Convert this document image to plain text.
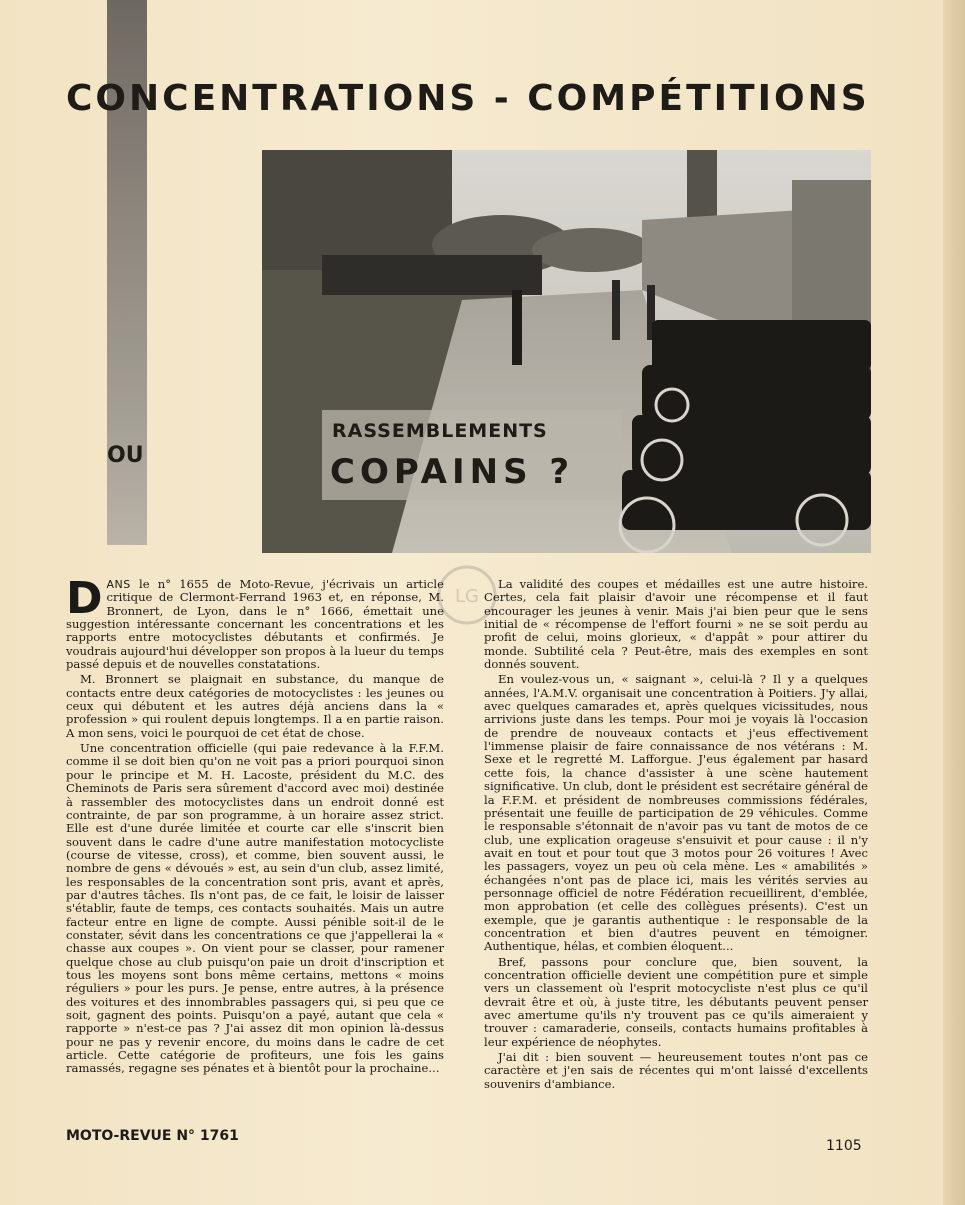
CONCENTRATIONS - COMPÉTITIONS
OU
RASSEMBLEMENTS
COPAINS ?
LG

DANS le n° 1655 de Moto-Revue, j'écrivais un article critique de Clermont-Ferrand 1963 et, en réponse, M. Bronnert, de Lyon, dans le n° 1666, émettait une suggestion intéressante concernant les concentrations et les rapports entre motocyclistes débutants et confirmés. Je voudrais aujourd'hui développer son propos à la lueur du temps passé depuis et de nouvelles constatations.

M. Bronnert se plaignait en substance, du manque de contacts entre deux catégories de motocyclistes : les jeunes ou ceux qui débutent et les autres déjà anciens dans la « profession » qui roulent depuis longtemps. Il a en partie raison. A mon sens, voici le pourquoi de cet état de chose.

Une concentration officielle (qui paie redevance à la F.F.M. comme il se doit bien qu'on ne voit pas a priori pourquoi sinon pour le principe et M. H. Lacoste, président du M.C. des Cheminots de Paris sera sûrement d'accord avec moi) destinée à rassembler des motocyclistes dans un endroit donné est contrainte, de par son programme, à un horaire assez strict. Elle est d'une durée limitée et courte car elle s'inscrit bien souvent dans le cadre d'une autre manifestation motocycliste (course de vitesse, cross), et comme, bien souvent aussi, le nombre de gens « dévoués » est, au sein d'un club, assez limité, les responsables de la concentration sont pris, avant et après, par d'autres tâches. Ils n'ont pas, de ce fait, le loisir de laisser s'établir, faute de temps, ces contacts souhaités. Mais un autre facteur entre en ligne de compte. Aussi pénible soit-il de le constater, sévit dans les concentrations ce que j'appellerai la « chasse aux coupes ». On vient pour se classer, pour ramener quelque chose au club puisqu'on paie un droit d'inscription et tous les moyens sont bons même certains, mettons « moins réguliers » pour les purs. Je pense, entre autres, à la présence des voitures et des innombrables passagers qui, si peu que ce soit, gagnent des points. Puisqu'on a payé, autant que cela « rapporte » n'est-ce pas ? J'ai assez dit mon opinion là-dessus pour ne pas y revenir encore, du moins dans le cadre de cet article. Cette catégorie de profiteurs, une fois les gains ramassés, regagne ses pénates et à bientôt pour la prochaine...

La validité des coupes et médailles est une autre histoire. Certes, cela fait plaisir d'avoir une récompense et il faut encourager les jeunes à venir. Mais j'ai bien peur que le sens initial de « récompense de l'effort fourni » ne se soit perdu au profit de celui, moins glorieux, « d'appât » pour attirer du monde. Subtilité cela ? Peut-être, mais des exemples en sont donnés souvent.

En voulez-vous un, « saignant », celui-là ? Il y a quelques années, l'A.M.V. organisait une concentration à Poitiers. J'y allai, avec quelques camarades et, après quelques vicissitudes, nous arrivions juste dans les temps. Pour moi je voyais là l'occasion de prendre de nouveaux contacts et j'eus effectivement l'immense plaisir de faire connaissance de nos vétérans : M. Sexe et le regretté M. Lafforgue. J'eus également par hasard cette fois, la chance d'assister à une scène hautement significative. Un club, dont le président est secrétaire général de la F.F.M. et président de nombreuses commissions fédérales, présentait une feuille de participation de 29 véhicules. Comme le responsable s'étonnait de n'avoir pas vu tant de motos de ce club, une explication orageuse s'ensuivit et pour cause : il n'y avait en tout et pour tout que 3 motos pour 26 voitures ! Avec les passagers, voyez un peu où cela mène. Les « amabilités » échangées n'ont pas de place ici, mais les vérités servies au personnage officiel de notre Fédération recueillirent, d'emblée, mon approbation (et celle des collègues présents). C'est un exemple, que je garantis authentique : le responsable de la concentration et bien d'autres peuvent en témoigner. Authentique, hélas, et combien éloquent...

Bref, passons pour conclure que, bien souvent, la concentration officielle devient une compétition pure et simple vers un classement où l'esprit motocycliste n'est plus ce qu'il devrait être et où, à juste titre, les débutants peuvent penser avec amertume qu'ils n'y trouvent pas ce qu'ils aimeraient y trouver : camaraderie, conseils, contacts humains profitables à leur expérience de néophytes.

J'ai dit : bien souvent — heureusement toutes n'ont pas ce caractère et j'en sais de récentes qui m'ont laissé d'excellents souvenirs d'ambiance.

MOTO-REVUE N° 1761
1105
